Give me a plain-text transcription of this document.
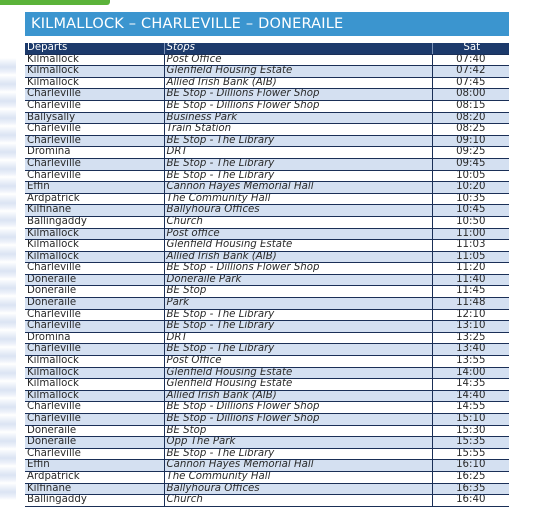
KILMALLOCK – CHARLEVILLE – DONERAILE
Departs	Stops	Sat
Kilmallock	Post Office	07:40
Kilmallock	Glenfield Housing Estate	07:42
Kilmallock	Allied Irish Bank (AIB)	07:45
Charleville	BE Stop - Dillions Flower Shop	08:00
Charleville	BE Stop - Dillions Flower Shop	08:15
Ballysally	Business Park	08:20
Charleville	Train Station	08:25
Charleville	BE Stop - The Library	09:10
Dromina	DRT	09:25
Charleville	BE Stop - The Library	09:45
Charleville	BE Stop - The Library	10:05
Effin	Cannon Hayes Memorial Hall	10:20
Ardpatrick	The Community Hall	10:35
Kilfinane	Ballyhoura Offices	10:45
Ballingaddy	Church	10:50
Kilmallock	Post office	11:00
Kilmallock	Glenfield Housing Estate	11:03
Kilmallock	Allied Irish Bank (AIB)	11:05
Charleville	BE Stop - Dillions Flower Shop	11:20
Doneraile	Doneraile Park	11:40
Doneraile	BE Stop	11:45
Doneraile	Park	11:48
Charleville	BE Stop - The Library	12:10
Charleville	BE Stop - The Library	13:10
Dromina	DRT	13:25
Charleville	BE Stop - The Library	13:40
Kilmallock	Post Office	13:55
Kilmallock	Glenfield Housing Estate	14:00
Kilmallock	Glenfield Housing Estate	14:35
Kilmallock	Allied Irish Bank (AIB)	14:40
Charleville	BE Stop - Dillions Flower Shop	14:55
Charleville	BE Stop - Dillions Flower Shop	15:10
Doneraile	BE Stop	15:30
Doneraile	Opp The Park	15:35
Charleville	BE Stop - The Library	15:55
Effin	Cannon Hayes Memorial Hall	16:10
Ardpatrick	The Community Hall	16:25
Kilfinane	Ballyhoura Offices	16:35
Ballingaddy	Church	16:40
